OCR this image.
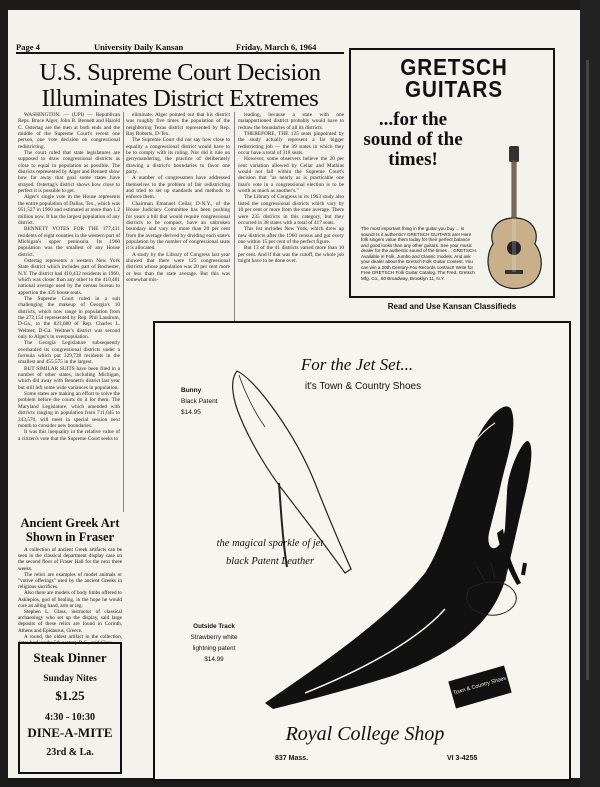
Page 4	University Daily Kansan	Friday, March 6, 1964
U.S. Supreme Court Decision Illuminates District Extremes

WASHINGTON. — (UPI) — Republican Reps. Bruce Alger, John B. Bennett and Harold C. Ostertag are the men at both ends and the middle of the Supreme Court's recent one person, one vote decision on congressional redistricting.

The court ruled that state legislatures are supposed to draw congressional districts as close to equal in population as possible. The districts represented by Alger and Bennett show how far away that goal some states have strayed. Ostertag's district shows how close to perfect it is possible to get.

Alger's single vote in the House represents the entire population of Dallas, Tex., which was 951,527 in 1960 and estimated at more than 1.2 million now. It has the largest population of any district.

BENNETT VOTES FOR THE 177,431 residents of eight counties in the western part of Michigan's upper peninsula. Its 1960 population was the smallest of any House district.

Ostertag represents a western New York State district which includes part of Rochester, N.Y. The district had 410,432 residents in 1960, which was closer than any other to the 410,481 national average used by the census bureau to apportion the 435 house seats.

The Supreme Court ruled in a suit challenging the makeup of Georgia's 10 districts, which now range in population from the 272,154 represented by Rep. Phil Landrum, D-Ga., to the 823,680 of Rep. Charles L. Weltner, D-Ga. Weltner's district was second only to Alger's in overpopulation.

The Georgia Legislature subsequently overhauled its congressional districts under a formula which put 329,738 residents in the smallest and 455,575 in the largest.

BUT SIMILAR SUITS have been filed in a number of other states, including Michigan, which did away with Bennett's district last year but still left some wide variances in population.

Some states are making an effort to solve the problem before the courts do it for them. The Maryland Legislature, which amended with districts ranging in population from 711,045 to 243,570, will meet in special session next month to consider new boundaries.

It was this inequality in the relative value of a citizen's vote that the Supreme Court seeks to

eliminate. Alger pointed out that his district was roughly five times the population of the neighboring Texas district represented by Rep. Ray Roberts, D-Tex.

The Supreme Court did not say how close to equality a congressional district would have to be to comply with its ruling. Nor did it rule on gerrymandering, the practice of deliberately drawing a district's boundaries to favor one party.

A number of congressmen have addressed themselves to the problem of fair redistricting and tried to set up standards and methods to enforce them.

Chairman Emanuel Cellar, D-N.Y., of the House Judiciary Committee has been pushing for years a bill that would require congressional districts to be compact, have an unbroken boundary and vary no more than 20 per cent from the average derived by dividing each state's population by the number of congressional seats it is allocated.

A study by the Library of Congress last year showed that there were 125 congressional districts whose population was 20 per cent more or less than the state average. But this was somewhat mis-

leading, because a state with one malapportioned district probably would have to redraw the boundaries of all its districts.

THEREFORE, THE 125 seats pinpointed by the study actually represent a far bigger redistricting job — the 39 states in which they occur have a total of 318 seats.

However, some observers believe the 20 per cent variation allowed by Cellar and Mathias would not fall within the Supreme Court's decision that "as nearly as is practicable one man's vote in a congressional election is to be worth as much as another's."

The Library of Congress in its 1963 study also listed the congressional districts which vary by 10 per cent or more from the state average. There were 235 districts in this category, but they occurred in 38 states with a total of 417 seats.

This list includes New York, which drew up new districts after the 1960 census and got every one within 15 per cent of the perfect figure.

But 13 of the 41 districts varied more than 10 per cent. And if that was the cutoff, the whole job might have to be done over.

Ancient Greek Art Shown in Fraser

A collection of ancient Greek artifacts can be seen in the classical department display case on the second floor of Fraser Hall for the next three weeks.

The relics are examples of model animals or "votive offerings" used by the ancient Greeks in religious sacrifices.

Also there are models of body limbs offered to Asklepios, god of healing, in the hope he would cure an ailing hand, arm or leg.

Stephen L. Glass, instructor of classical archaeology who set up the display, said large deposits of these relics are found in Corinth, Athens and Epidaurus, Greece.

A round, the oldest artifact in the collection, dates back to the 5th century B.C., said Glass.

Steak Dinner
Sunday Nites
$1.25
4:30 - 10:30
DINE-A-MITE
23rd & La.
GRETSCH GUITARS
...for the sound of the times!
The most important thing in the guitar you buy ... is sound! Is it authentic? GRETSCH GUITARS are! Here folk singers value them today for their perfect balance and good looks than any other guitars. See your music dealer for the authentic sound of the times ... GRETSCH. Available in Folk, Jumbo and Classic models. And ask your dealer about the Gretsch Folk Guitar Contest. You can win a 20th Century-Fox Records contract! Write for Free GRETSCH Folk Guitar Catalog. The Fred. Gretsch Mfg. Co., 60 Broadway, Brooklyn 11, N.Y.
Read and Use Kansan Classifieds
For the Jet Set...
it's Town & Country Shoes
Bunny
Black Patent
$14.95
the magical sparkle of jet black Patent Leather
Outside Track
Strawberry white lightning patent
$14.99
Town & Country Shoes
Royal College Shop
837 Mass.	VI 3-4255
